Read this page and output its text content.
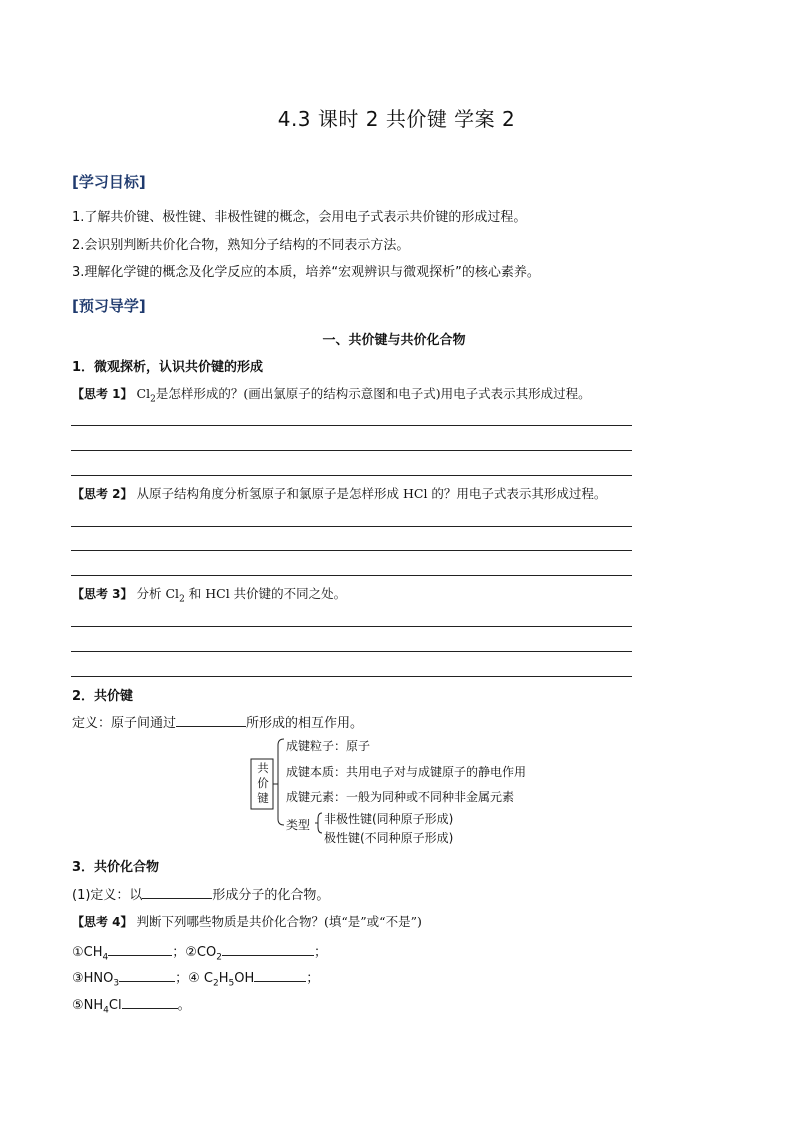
4.3 课时 2 共价键 学案 2
[学习目标]
1.了解共价键、极性键、非极性键的概念，会用电子式表示共价键的形成过程。
2.会识别判断共价化合物，熟知分子结构的不同表示方法。
3.理解化学键的概念及化学反应的本质，培养“宏观辨识与微观探析”的核心素养。
[预习导学]
一、共价键与共价化合物
1．微观探析，认识共价键的形成
【思考 1】 $Cl_2$是怎样形成的？(画出氯原子的结构示意图和电子式)用电子式表示其形成过程。
【思考 2】 从原子结构角度分析氢原子和氯原子是怎样形成 HCl 的？用电子式表示其形成过程。
【思考 3】 分析 $Cl_2$ 和 HCl 共价键的不同之处。
2．共价键
定义：原子间通过	所形成的相互作用。
共
价
键
成键粒子：原子
成键本质：共用电子对与成键原子的静电作用
成键元素：一般为同种或不同种非金属元素
类型 非极性键(同种原子形成)
极性键(不同种原子形成)
3．共价化合物
(1)定义：以	形成分子的化合物。
【思考 4】 判断下列哪些物质是共价化合物？(填“是”或“不是”)
$①CH_4$	；$②CO_2$	；
$③HNO_3$	；④ $C_2H_5OH$	；
$⑤NH_4Cl$	。
